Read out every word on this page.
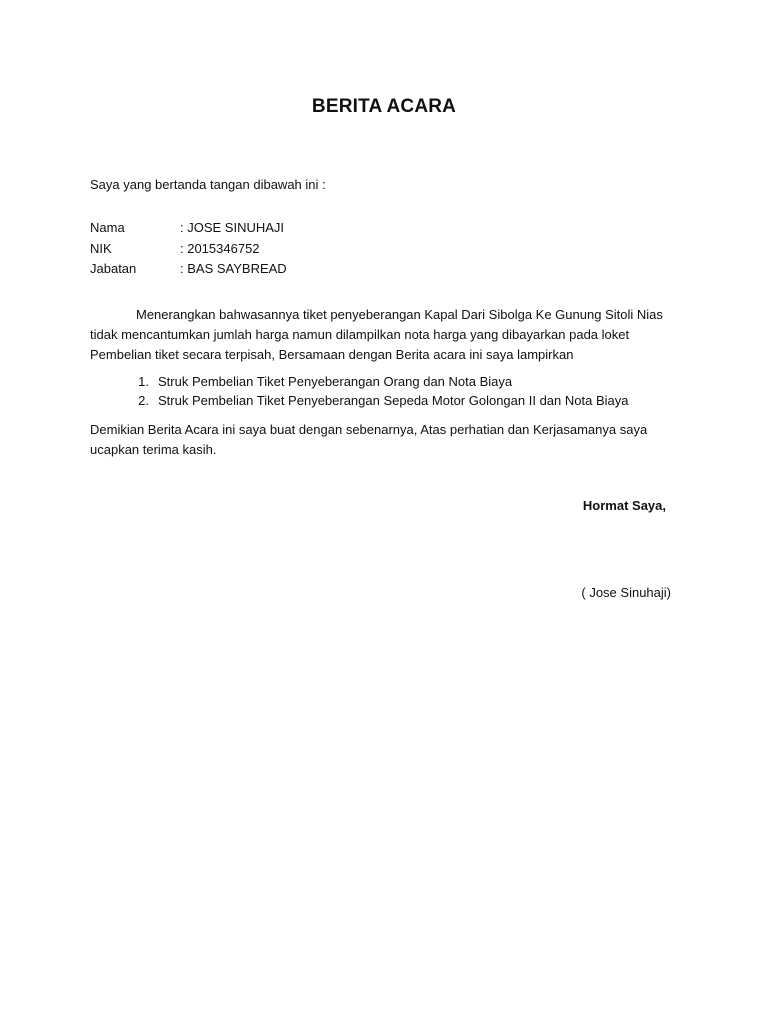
BERITA ACARA
Saya yang bertanda tangan dibawah ini :
Nama	: JOSE SINUHAJI
NIK	: 2015346752
Jabatan	: BAS SAYBREAD
Menerangkan bahwasannya tiket penyeberangan Kapal Dari Sibolga Ke Gunung Sitoli Nias tidak mencantumkan jumlah harga namun dilampilkan nota harga yang dibayarkan pada loket Pembelian tiket secara terpisah, Bersamaan dengan Berita acara ini saya lampirkan
1. Struk Pembelian Tiket Penyeberangan Orang dan Nota Biaya
2. Struk Pembelian Tiket Penyeberangan Sepeda Motor Golongan II dan Nota Biaya
Demikian Berita Acara ini saya buat dengan sebenarnya, Atas perhatian dan Kerjasamanya saya ucapkan terima kasih.
Hormat Saya,
( Jose Sinuhaji)
